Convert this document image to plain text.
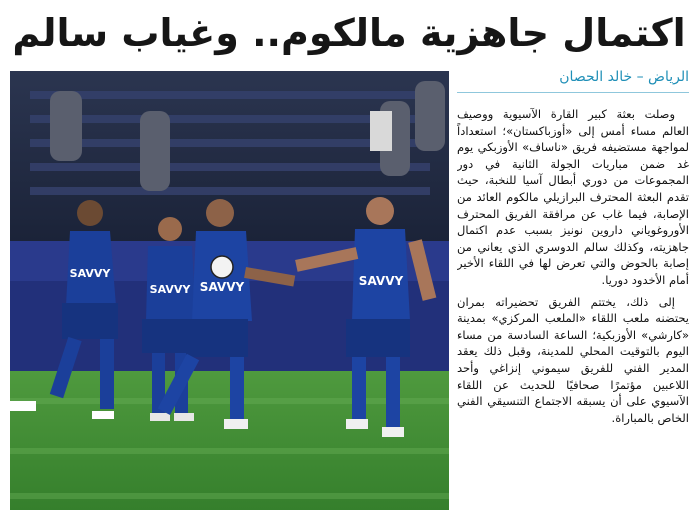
اكتمال جاهزية مالكوم.. وغياب سالم
SAVVY
SAVVY SAVVY	SAVVY
الرياض – خالد الحصان

وصلت بعثة كبير القارة الآسيوية ووصيف العالم مساء أمس إلى «أوزباكستان»؛ استعداداً لمواجهة مستضيفه فريق «ناساف» الأوزبكي يوم غد ضمن مباريات الجولة الثانية في دور المجموعات من دوري أبطال آسيا للنخبة، حيث تقدم البعثة المحترف البرازيلي مالكوم العائد من الإصابة، فيما غاب عن مرافقة الفريق المحترف الأوروغوياني داروين نونيز بسبب عدم اكتمال جاهزيته، وكذلك سالم الدوسري الذي يعاني من إصابة بالحوض والتي تعرض لها في اللقاء الأخير أمام الأخدود دوريا.

إلى ذلك، يختتم الفريق تحضيراته بمران يحتضنه ملعب اللقاء «الملعب المركزي» بمدينة «كارشي» الأوزبكية؛ الساعة السادسة من مساء اليوم بالتوقيت المحلي للمدينة، وقبل ذلك يعقد المدير الفني للفريق سيموني إنزاغي وأحد اللاعبين مؤتمرًا صحافيًا للحديث عن اللقاء الآسيوي على أن يسبقه الاجتماع التنسيقي الفني الخاص بالمباراة.
